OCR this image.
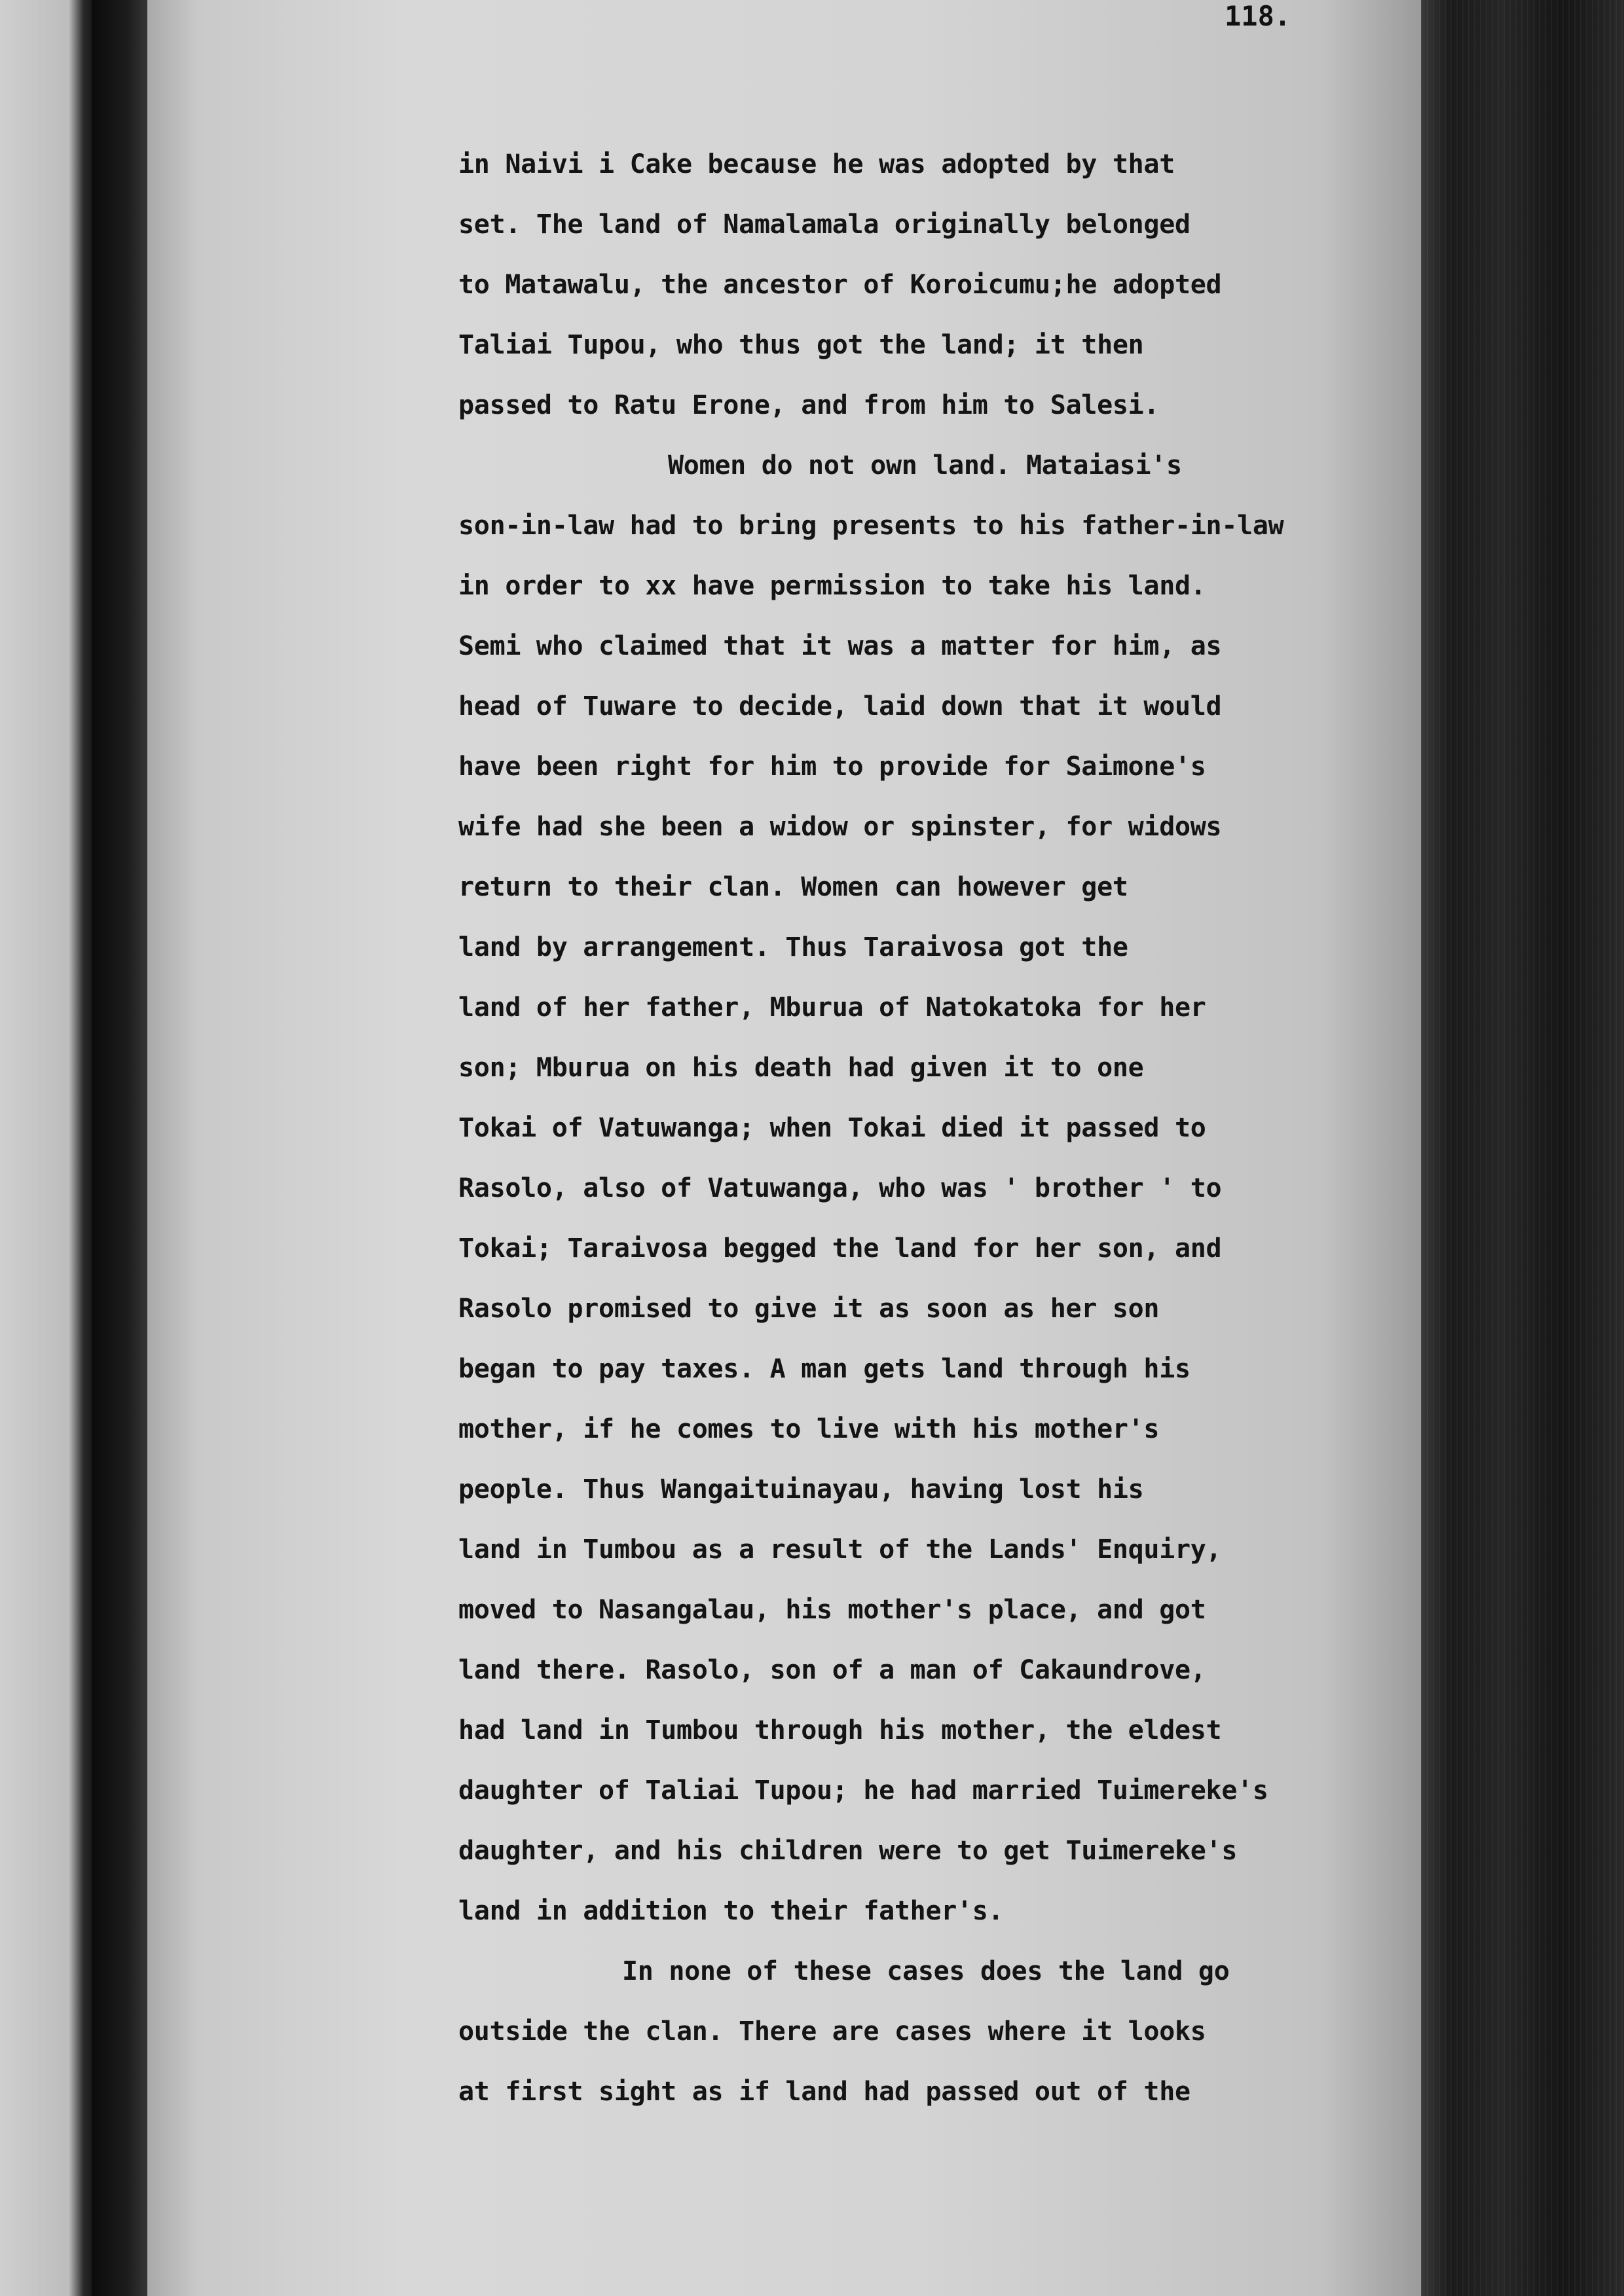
118.
in Naivi i Cake because he was adopted by that
set. The land of Namalamala originally belonged
to Matawalu, the ancestor of Koroicumu;he adopted
Taliai Tupou, who thus got the land; it then
passed to Ratu Erone, and from him to Salesi.
Women do not own land. Mataiasi's
son-in-law had to bring presents to his father-in-law
in order to xx have permission to take his land.
Semi who claimed that it was a matter for him, as
head of Tuware to decide, laid down that it would
have been right for him to provide for Saimone's
wife had she been a widow or spinster, for widows
return to their clan. Women can however get
land by arrangement. Thus Taraivosa got the
land of her father, Mburua of Natokatoka for her
son; Mburua on his death had given it to one
Tokai of Vatuwanga; when Tokai died it passed to
Rasolo, also of Vatuwanga, who was ' brother ' to
Tokai; Taraivosa begged the land for her son, and
Rasolo promised to give it as soon as her son
began to pay taxes. A man gets land through his
mother, if he comes to live with his mother's
people. Thus Wangaituinayau, having lost his
land in Tumbou as a result of the Lands' Enquiry,
moved to Nasangalau, his mother's place, and got
land there. Rasolo, son of a man of Cakaundrove,
had land in Tumbou through his mother, the eldest
daughter of Taliai Tupou; he had married Tuimereke's
daughter, and his children were to get Tuimereke's
land in addition to their father's.
In none of these cases does the land go
outside the clan. There are cases where it looks
at first sight as if land had passed out of the
